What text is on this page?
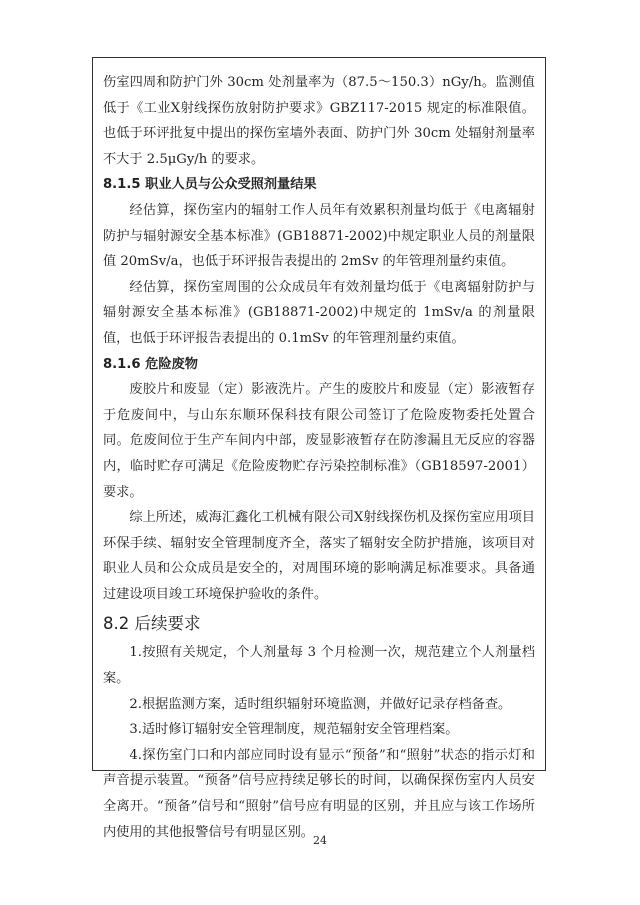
伤室四周和防护门外 30cm 处剂量率为（87.5～150.3）nGy/h。监测值低于《工业X射线探伤放射防护要求》GBZ117-2015 规定的标准限值。也低于环评批复中提出的探伤室墙外表面、防护门外 30cm 处辐射剂量率不大于 2.5μGy/h 的要求。

8.1.5 职业人员与公众受照剂量结果

经估算，探伤室内的辐射工作人员年有效累积剂量均低于《电离辐射防护与辐射源安全基本标准》(GB18871-2002)中规定职业人员的剂量限值 20mSv/a，也低于环评报告表提出的 2mSv 的年管理剂量约束值。

经估算，探伤室周围的公众成员年有效剂量均低于《电离辐射防护与辐射源安全基本标准》(GB18871-2002)中规定的 1mSv/a 的剂量限值，也低于环评报告表提出的 0.1mSv 的年管理剂量约束值。

8.1.6 危险废物

废胶片和废显（定）影液洗片。产生的废胶片和废显（定）影液暂存于危废间中，与山东东顺环保科技有限公司签订了危险废物委托处置合同。危废间位于生产车间内中部，废显影液暂存在防渗漏且无反应的容器内，临时贮存可满足《危险废物贮存污染控制标准》（GB18597-2001）要求。

综上所述，威海汇鑫化工机械有限公司X射线探伤机及探伤室应用项目环保手续、辐射安全管理制度齐全，落实了辐射安全防护措施，该项目对职业人员和公众成员是安全的，对周围环境的影响满足标准要求。具备通过建设项目竣工环境保护验收的条件。

8.2 后续要求

1.按照有关规定，个人剂量每 3 个月检测一次，规范建立个人剂量档案。

2.根据监测方案，适时组织辐射环境监测，并做好记录存档备查。

3.适时修订辐射安全管理制度，规范辐射安全管理档案。

4.探伤室门口和内部应同时设有显示“预备”和“照射”状态的指示灯和声音提示装置。“预备”信号应持续足够长的时间，以确保探伤室内人员安全离开。“预备”信号和“照射”信号应有明显的区别，并且应与该工作场所内使用的其他报警信号有明显区别。

24
